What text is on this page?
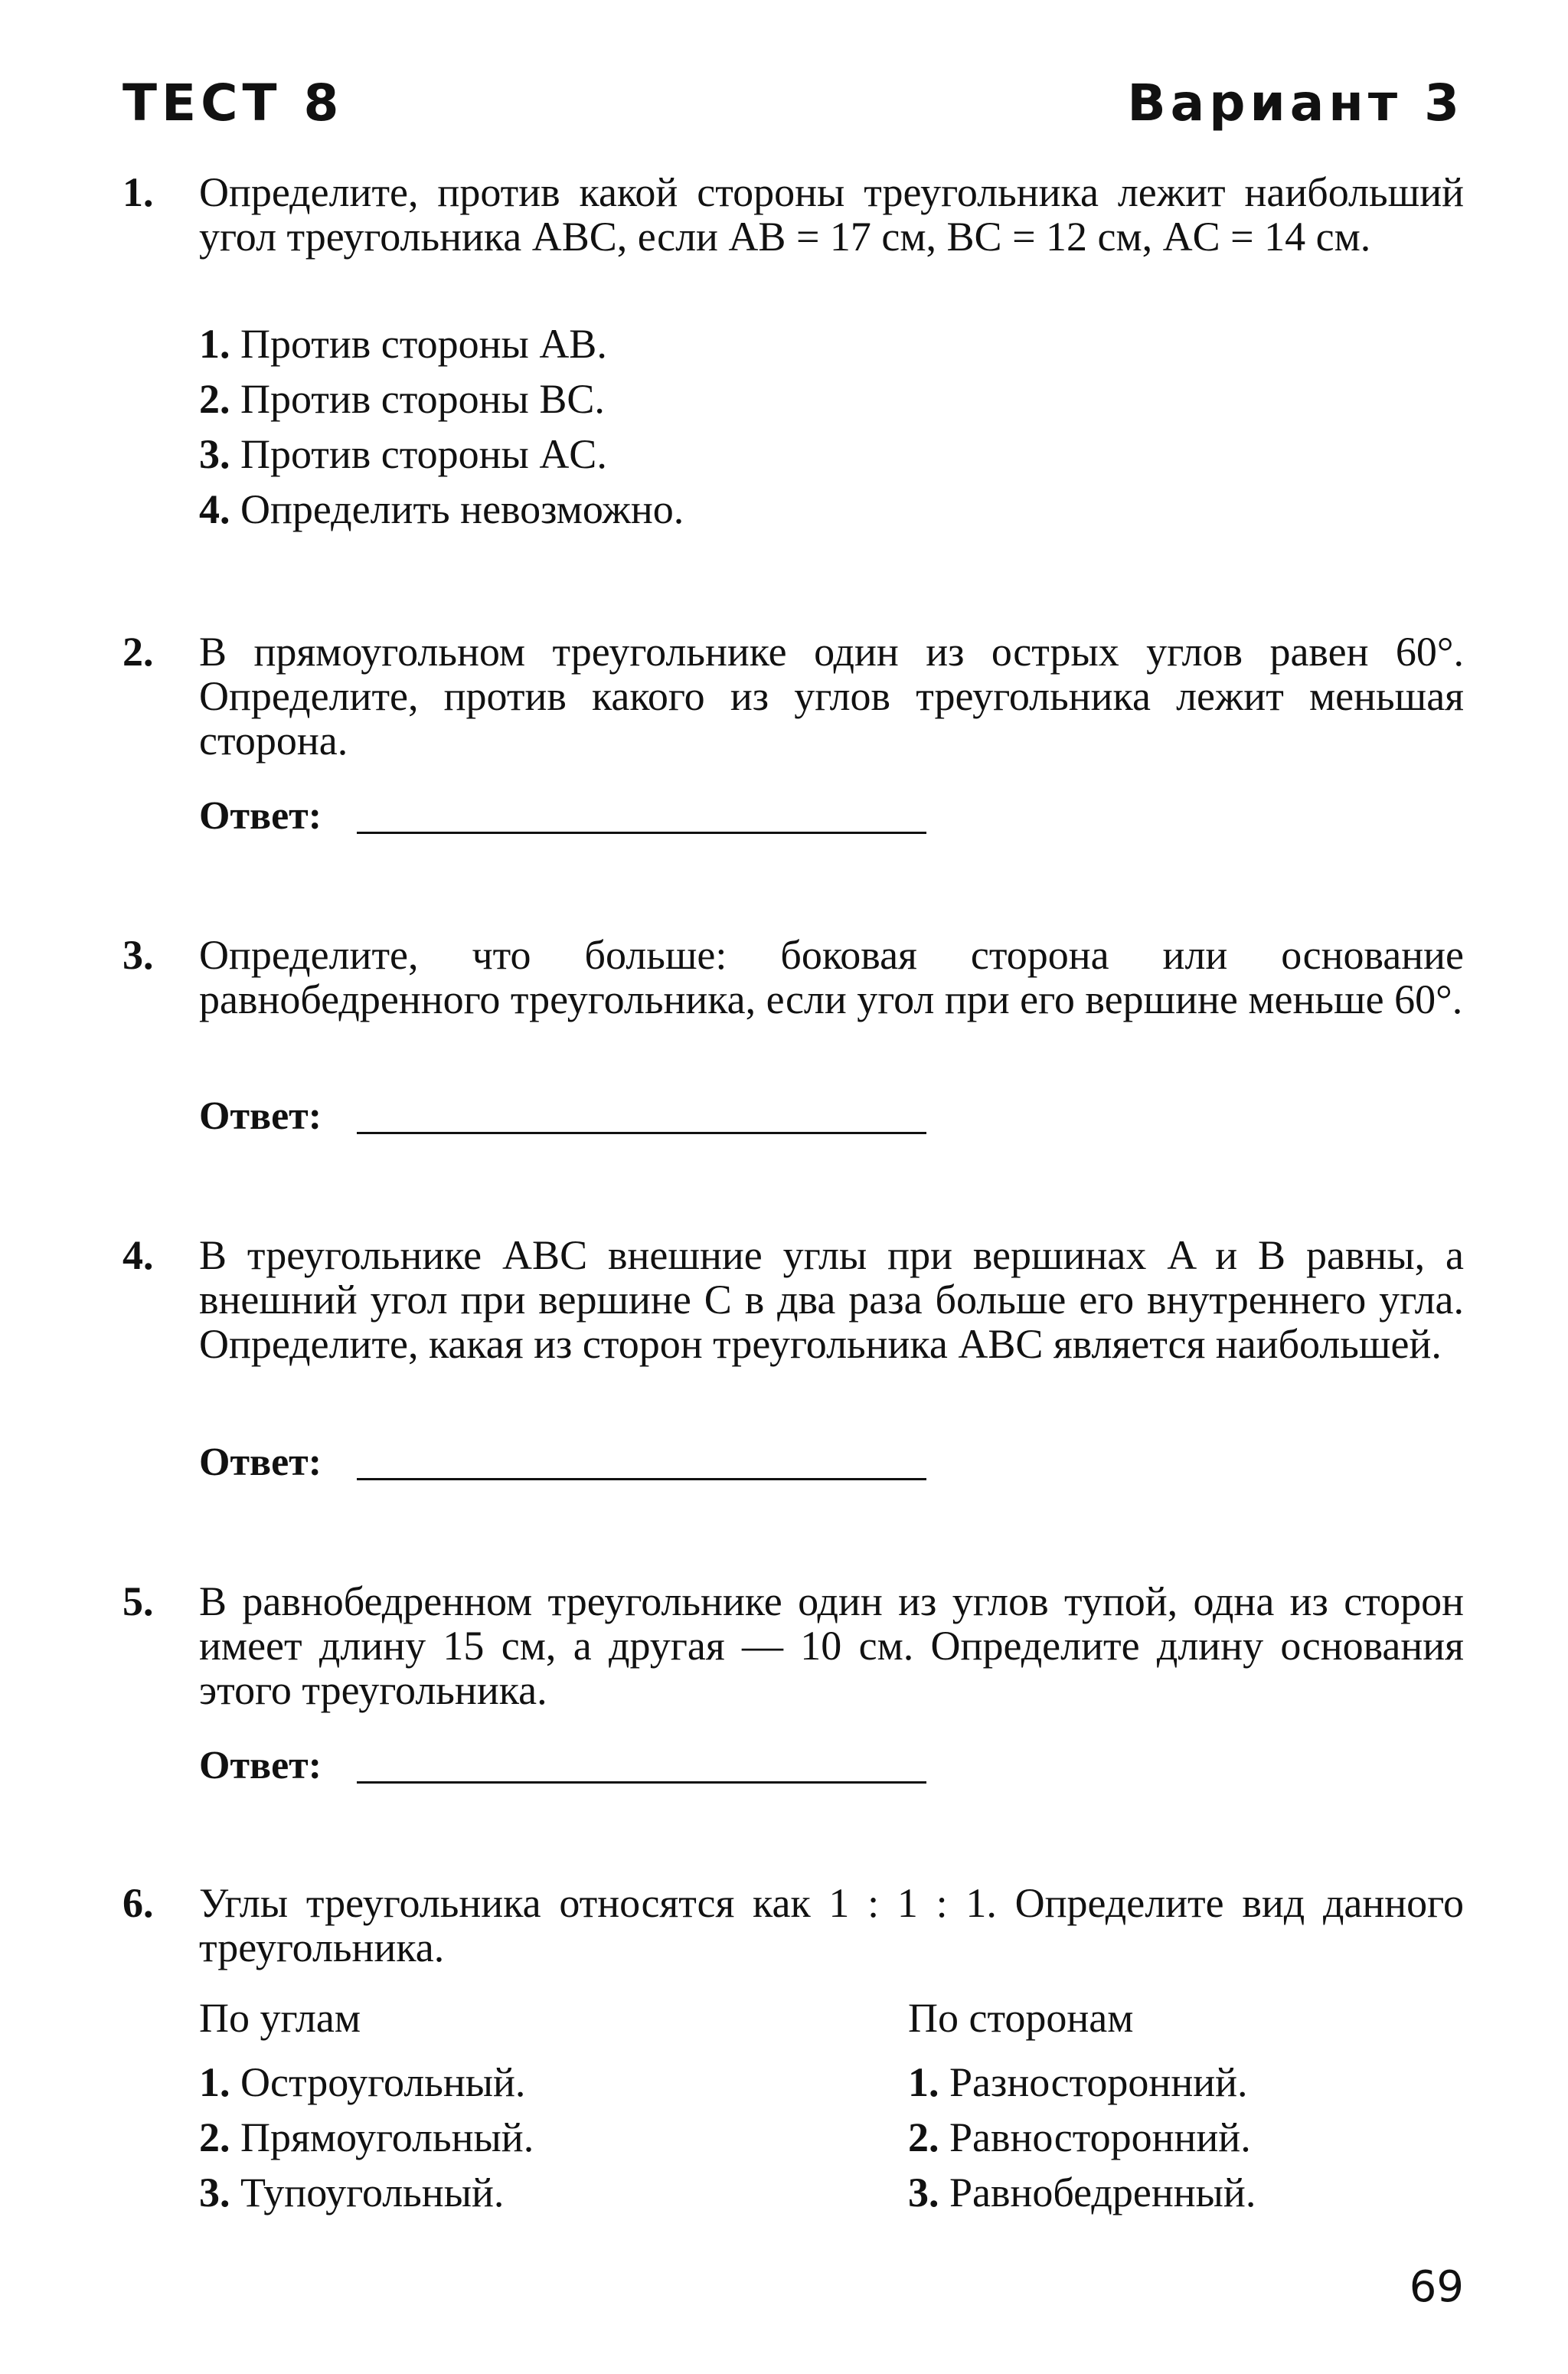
ТЕСТ 8	Вариант 3
1. Определите, против какой стороны треугольника лежит наибольший угол треугольника ABC, если AB = 17 см, BC = 12 см, AC = 14 см.
1. Против стороны AB.
2. Против стороны BC.
3. Против стороны AC.
4. Определить невозможно.
2. В прямоугольном треугольнике один из острых углов равен 60°. Определите, против какого из углов треугольника лежит меньшая сторона.
Ответ:
3. Определите, что больше: боковая сторона или основание равнобедренного треугольника, если угол при его вершине меньше 60°.
Ответ:
4. В треугольнике ABC внешние углы при вершинах A и B равны, а внешний угол при вершине C в два раза больше его внутреннего угла. Определите, какая из сторон треугольника ABC является наибольшей.
Ответ:
5. В равнобедренном треугольнике один из углов тупой, одна из сторон имеет длину 15 см, а другая — 10 см. Определите длину основания этого треугольника.
Ответ:
6. Углы треугольника относятся как 1 : 1 : 1. Определите вид данного треугольника.
По углам
1. Остроугольный.
2. Прямоугольный.
3. Тупоугольный.
По сторонам
1. Разносторонний.
2. Равносторонний.
3. Равнобедренный.
69
